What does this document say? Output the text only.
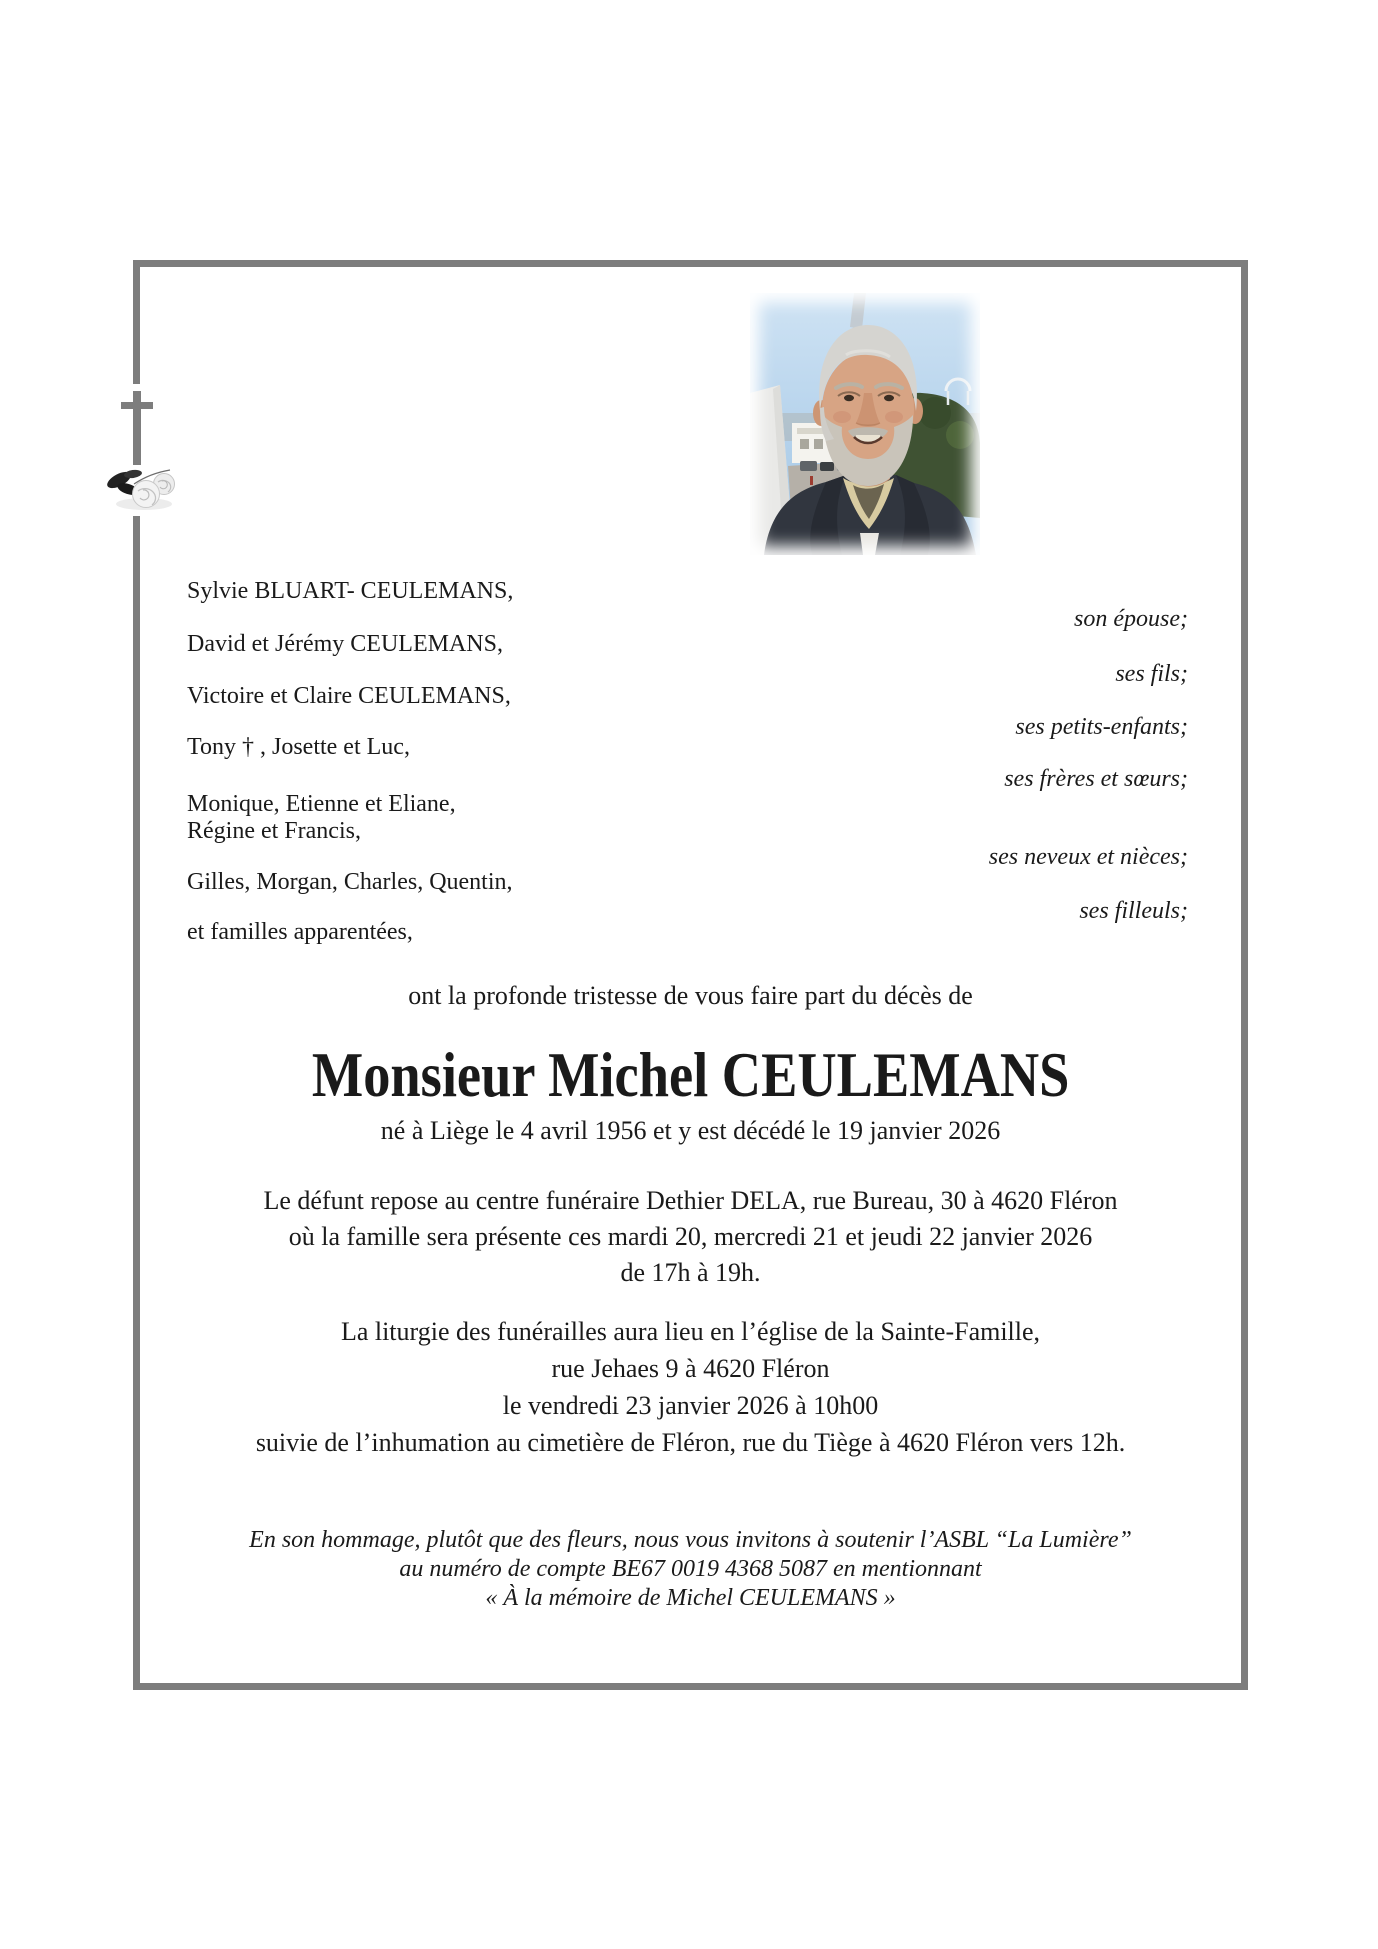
Sylvie BLUART- CEULEMANS,
David et Jérémy CEULEMANS,
Victoire et Claire CEULEMANS,
Tony † , Josette et Luc,
Monique, Etienne et Eliane,
Régine et Francis,
Gilles, Morgan, Charles, Quentin,
et familles apparentées,
son épouse;
ses fils;
ses petits-enfants;
ses frères et sœurs;
ses neveux et nièces;
ses filleuls;
ont la profonde tristesse de vous faire part du décès de
Monsieur Michel CEULEMANS
né à Liège le 4 avril 1956 et y est décédé le 19 janvier 2026
Le défunt repose au centre funéraire Dethier DELA, rue Bureau, 30 à 4620 Fléron
où la famille sera présente ces mardi 20, mercredi 21 et jeudi 22 janvier 2026
de 17h à 19h.
La liturgie des funérailles aura lieu en l’église de la Sainte-Famille,
rue Jehaes 9 à 4620 Fléron
le vendredi 23 janvier 2026 à 10h00
suivie de l’inhumation au cimetière de Fléron, rue du Tiège à 4620 Fléron vers 12h.
En son hommage, plutôt que des fleurs, nous vous invitons à soutenir l’ASBL “La Lumière”
au numéro de compte BE67 0019 4368 5087 en mentionnant
« À la mémoire de Michel CEULEMANS »
